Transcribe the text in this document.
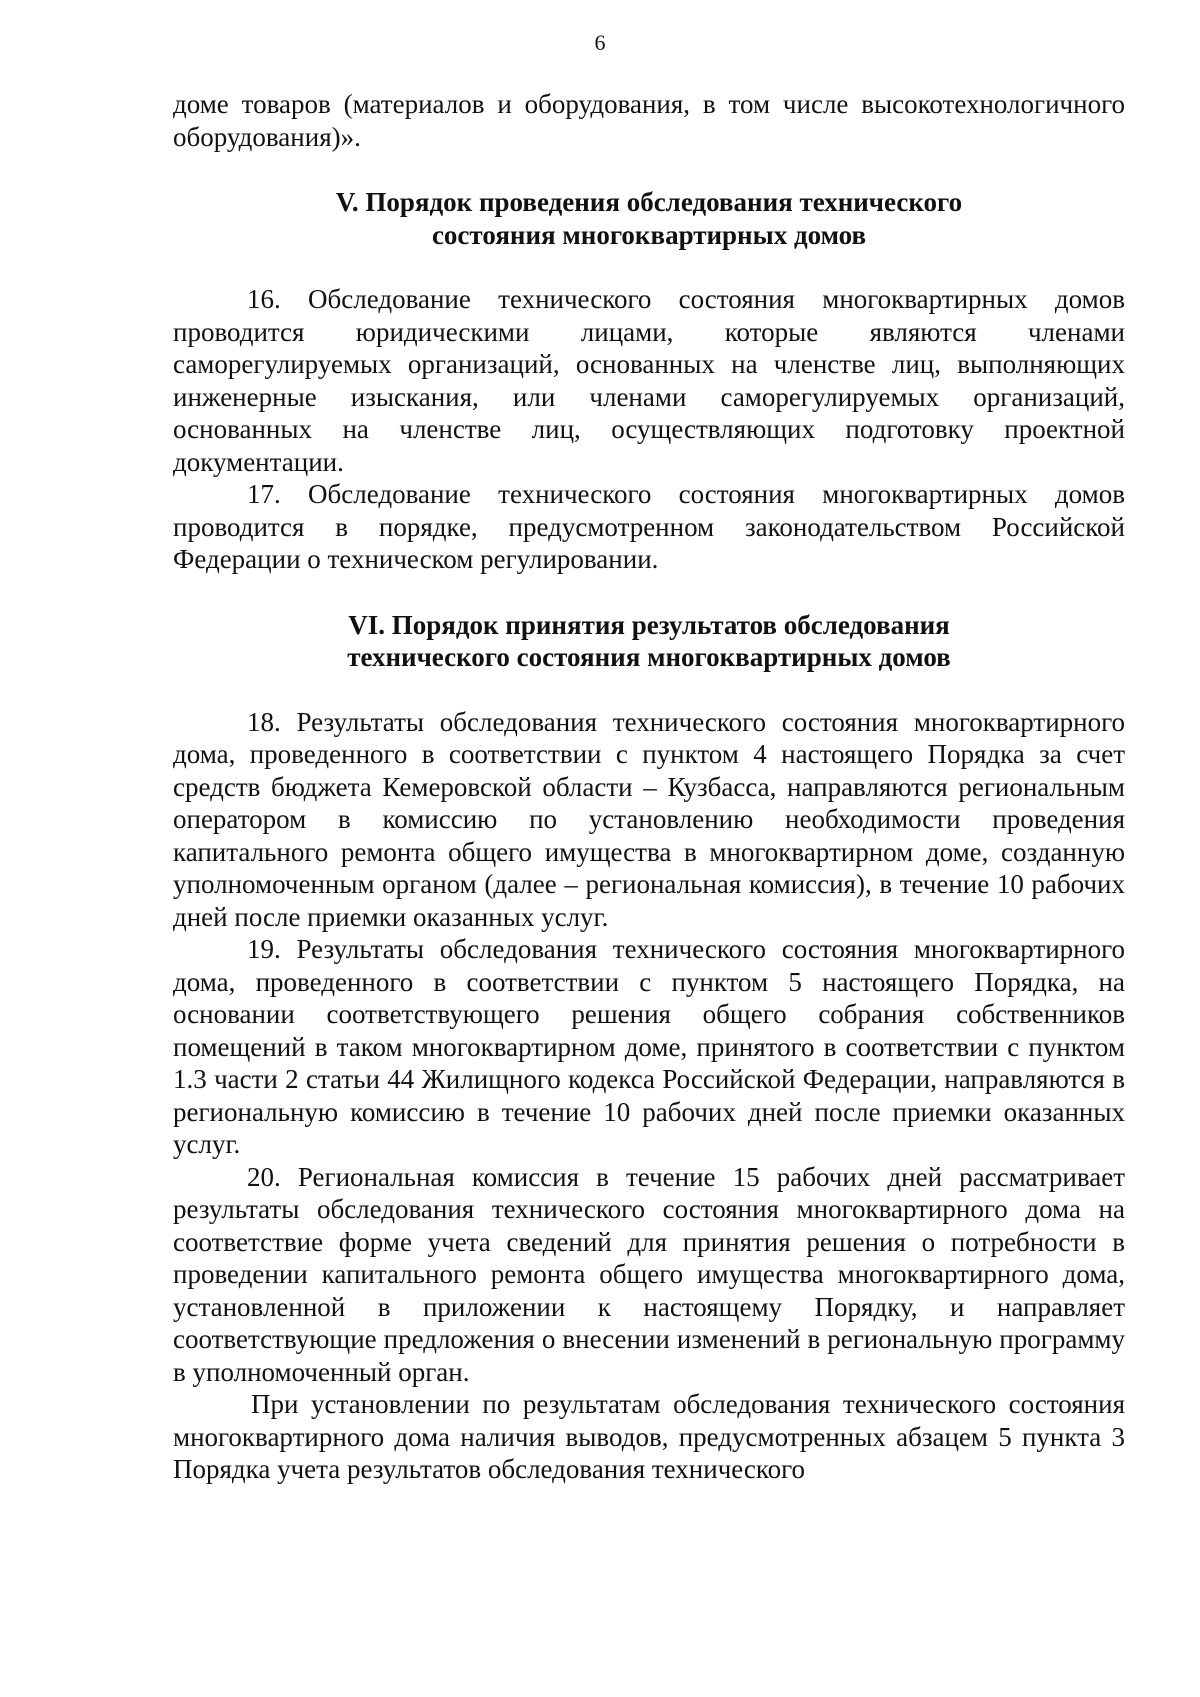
6

доме товаров (материалов и оборудования, в том числе высокотехнологичного оборудования)».

V. Порядок проведения обследования технического
состояния многоквартирных домов

16. Обследование технического состояния многоквартирных домов проводится юридическими лицами, которые являются членами саморегулируемых организаций, основанных на членстве лиц, выполняющих инженерные изыскания, или членами саморегулируемых организаций, основанных на членстве лиц, осуществляющих подготовку проектной документации.

17. Обследование технического состояния многоквартирных домов проводится в порядке, предусмотренном законодательством Российской Федерации о техническом регулировании.

VI. Порядок принятия результатов обследования
технического состояния многоквартирных домов

18. Результаты обследования технического состояния многоквартирного дома, проведенного в соответствии с пунктом 4 настоящего Порядка за счет средств бюджета Кемеровской области – Кузбасса, направляются региональным оператором в комиссию по установлению необходимости проведения капитального ремонта общего имущества в многоквартирном доме, созданную уполномоченным органом (далее – региональная комиссия), в течение 10 рабочих дней после приемки оказанных услуг.

19. Результаты обследования технического состояния многоквартирного дома, проведенного в соответствии с пунктом 5 настоящего Порядка, на основании соответствующего решения общего собрания собственников помещений в таком многоквартирном доме, принятого в соответствии с пунктом 1.3 части 2 статьи 44 Жилищного кодекса Российской Федерации, направляются в региональную комиссию в течение 10 рабочих дней после приемки оказанных услуг.

20. Региональная комиссия в течение 15 рабочих дней рассматривает результаты обследования технического состояния многоквартирного дома на соответствие форме учета сведений для принятия решения о потребности в проведении капитального ремонта общего имущества многоквартирного дома, установленной в приложении к настоящему Порядку, и направляет соответствующие предложения о внесении изменений в региональную программу в уполномоченный орган.

При установлении по результатам обследования технического состояния многоквартирного дома наличия выводов, предусмотренных абзацем 5 пункта 3 Порядка учета результатов обследования технического
